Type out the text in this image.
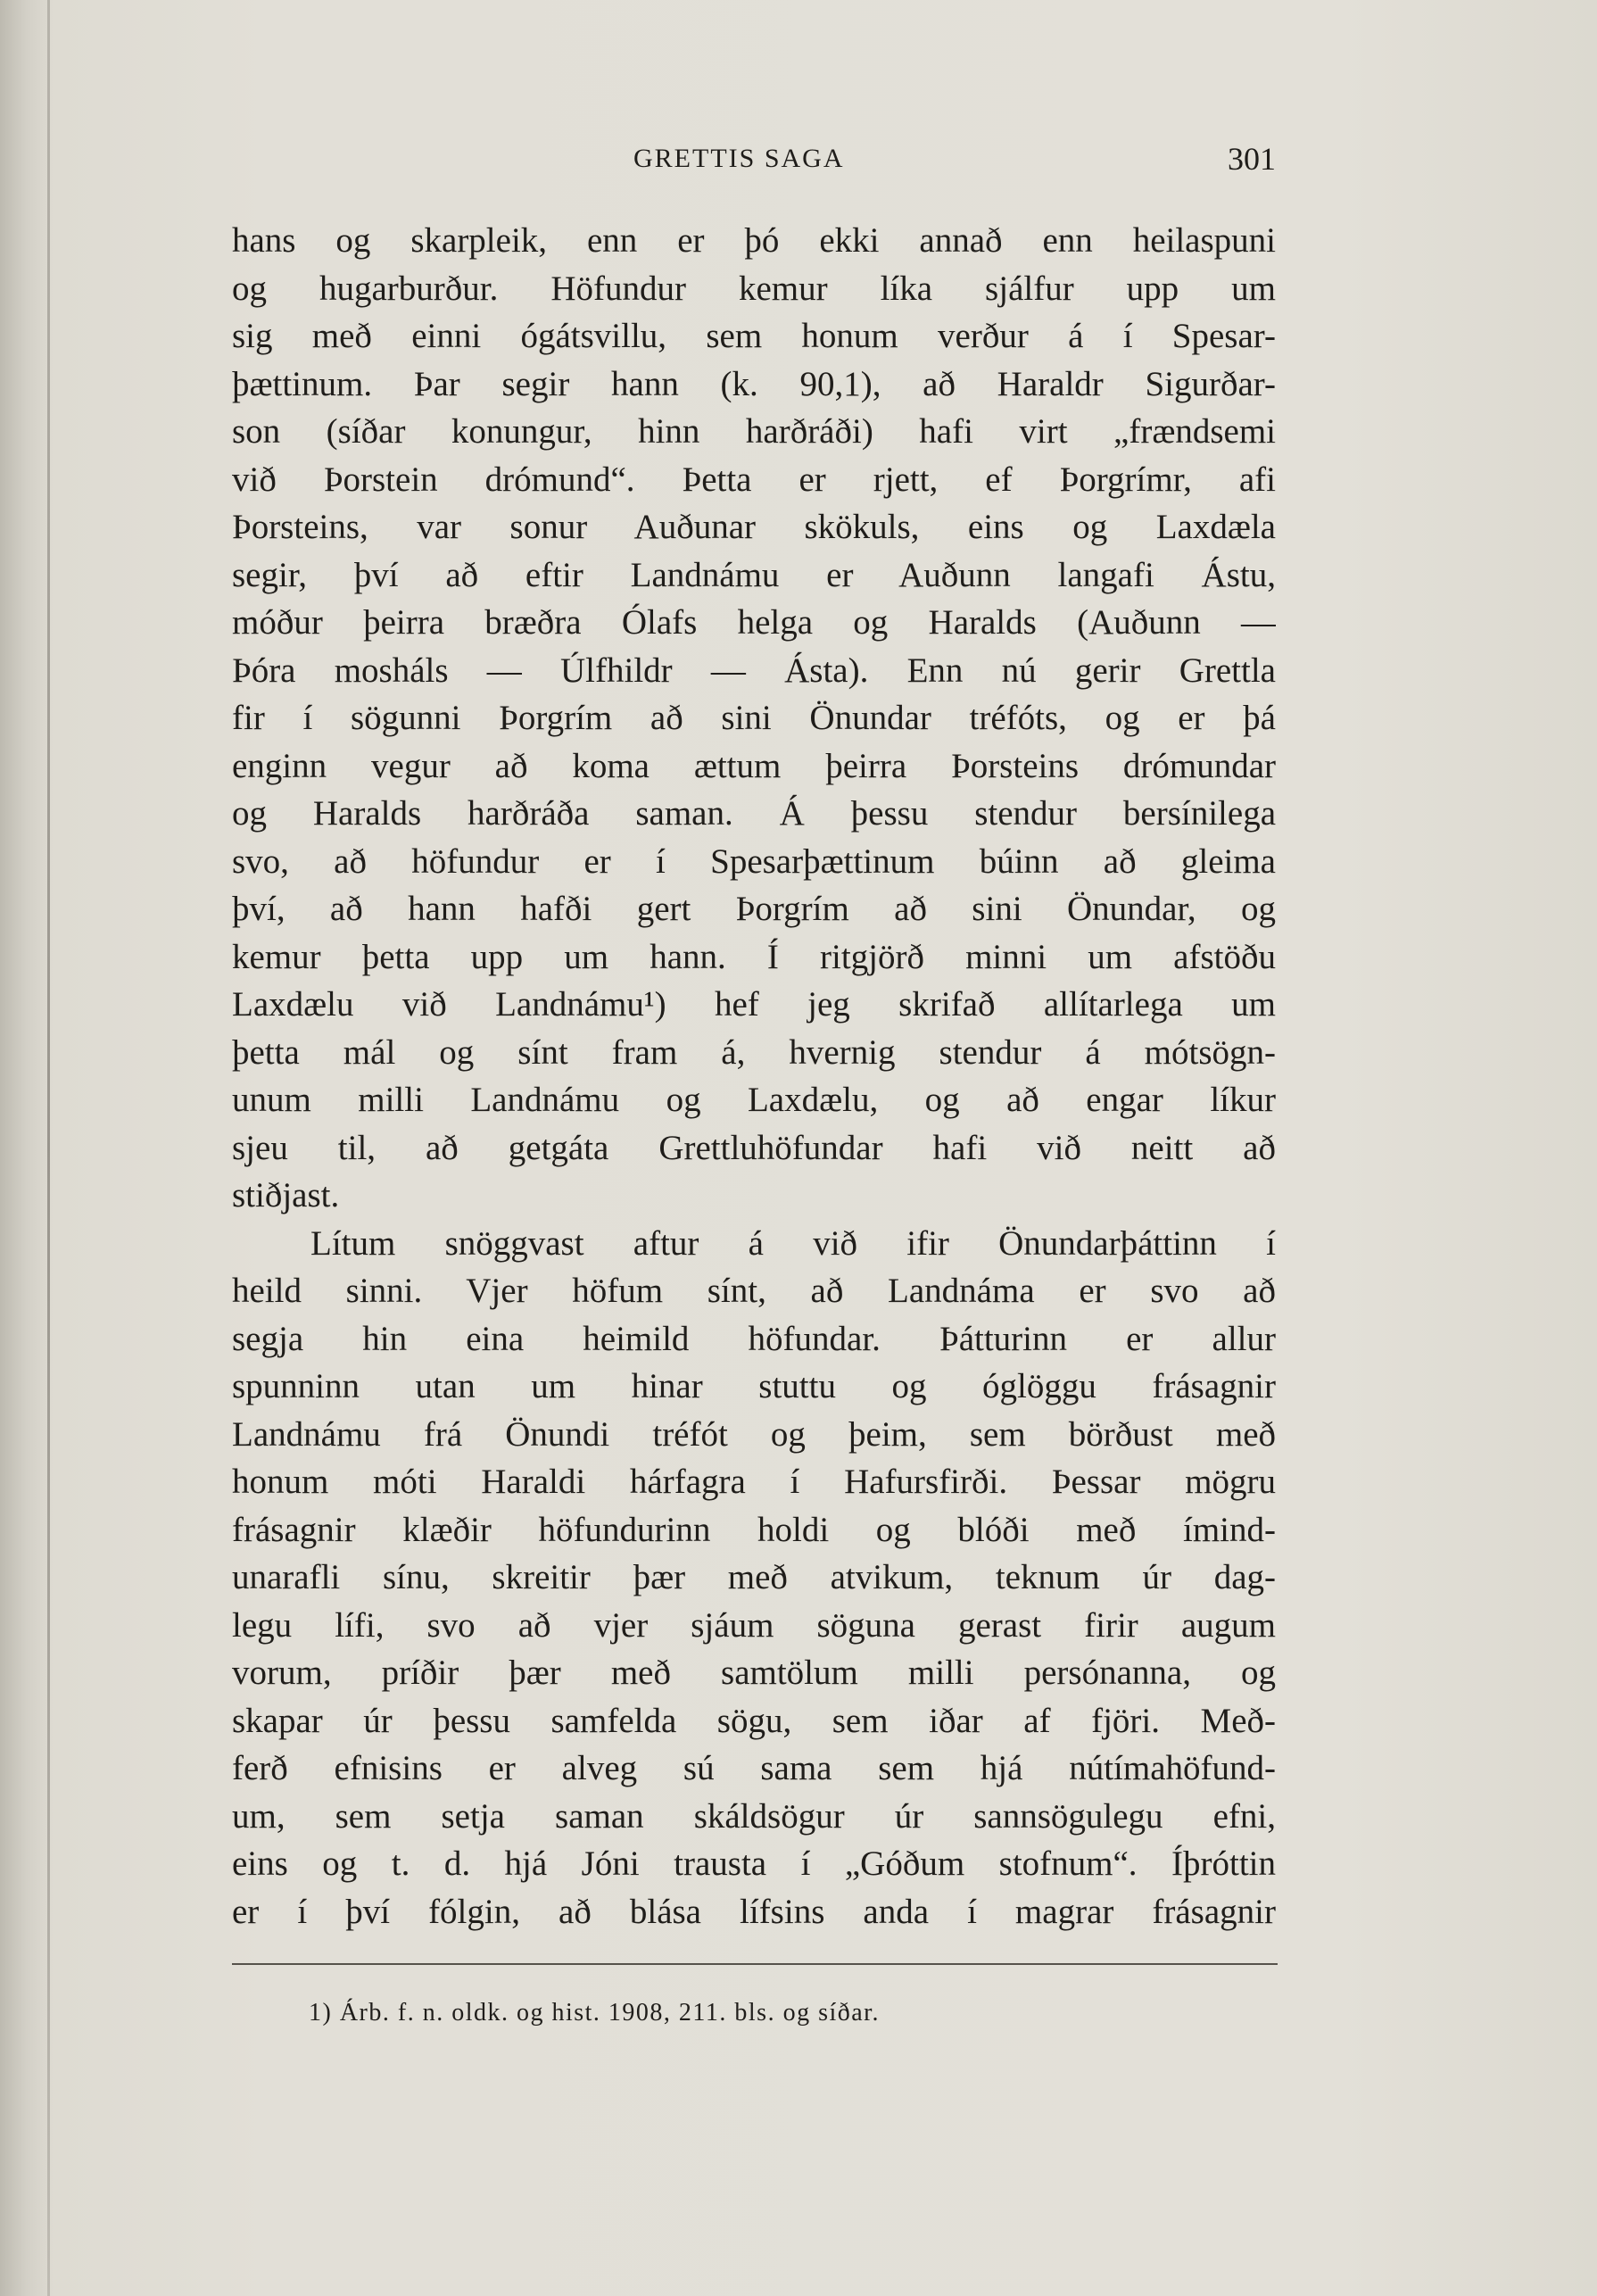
GRETTIS SAGA	301
hans og skarpleik, enn er þó ekki annað enn heilaspuni
og hugarburður. Höfundur kemur líka sjálfur upp um
sig með einni ógátsvillu, sem honum verður á í Spesar-
þættinum. Þar segir hann (k. 90,1), að Haraldr Sigurðar-
son (síðar konungur, hinn harðráði) hafi virt „frændsemi
við Þorstein drómund“. Þetta er rjett, ef Þorgrímr, afi
Þorsteins, var sonur Auðunar skökuls, eins og Laxdæla
segir, því að eftir Landnámu er Auðunn langafi Ástu,
móður þeirra bræðra Ólafs helga og Haralds (Auðunn —
Þóra mosháls — Úlfhildr — Ásta). Enn nú gerir Grettla
fir í sögunni Þorgrím að sini Önundar tréfóts, og er þá
enginn vegur að koma ættum þeirra Þorsteins drómundar
og Haralds harðráða saman. Á þessu stendur bersínilega
svo, að höfundur er í Spesarþættinum búinn að gleima
því, að hann hafði gert Þorgrím að sini Önundar, og
kemur þetta upp um hann. Í ritgjörð minni um afstöðu
Laxdælu við Landnámu¹) hef jeg skrifað allítarlega um
þetta mál og sínt fram á, hvernig stendur á mótsögn-
unum milli Landnámu og Laxdælu, og að engar líkur
sjeu til, að getgáta Grettluhöfundar hafi við neitt að
stiðjast.
Lítum snöggvast aftur á við ifir Önundarþáttinn í
heild sinni. Vjer höfum sínt, að Landnáma er svo að
segja hin eina heimild höfundar. Þátturinn er allur
spunninn utan um hinar stuttu og óglöggu frásagnir
Landnámu frá Önundi tréfót og þeim, sem börðust með
honum móti Haraldi hárfagra í Hafursfirði. Þessar mögru
frásagnir klæðir höfundurinn holdi og blóði með ímind-
unarafli sínu, skreitir þær með atvikum, teknum úr dag-
legu lífi, svo að vjer sjáum söguna gerast firir augum
vorum, príðir þær með samtölum milli persónanna, og
skapar úr þessu samfelda sögu, sem iðar af fjöri. Með-
ferð efnisins er alveg sú sama sem hjá nútímahöfund-
um, sem setja saman skáldsögur úr sannsögulegu efni,
eins og t. d. hjá Jóni trausta í „Góðum stofnum“. Íþróttin
er í því fólgin, að blása lífsins anda í magrar frásagnir
1) Árb. f. n. oldk. og hist. 1908, 211. bls. og síðar.
